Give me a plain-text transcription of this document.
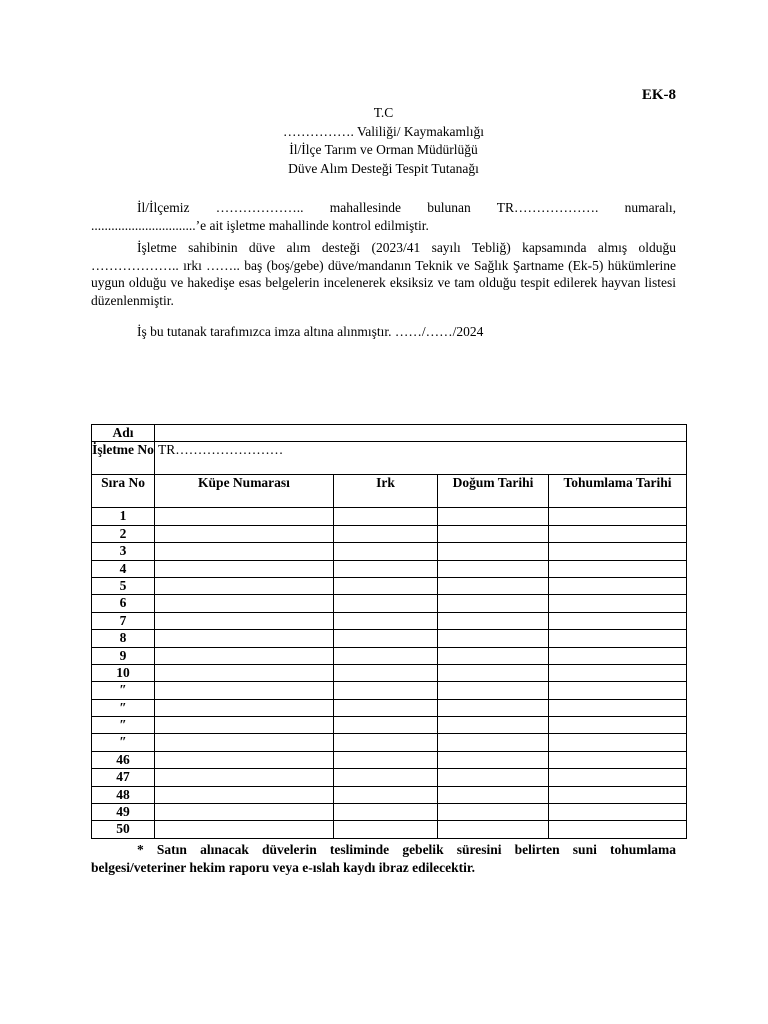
EK-8
T.C
……………. Valiliği/ Kaymakamlığı
İl/İlçe Tarım ve Orman Müdürlüğü
Düve Alım Desteği Tespit Tutanağı

İl/İlçemiz ……………….. mahallesinde bulunan TR………………. numaralı, ...............................’e ait işletme mahallinde kontrol edilmiştir.

İşletme sahibinin düve alım desteği (2023/41 sayılı Tebliğ) kapsamında almış olduğu ……………….. ırkı …….. baş (boş/gebe) düve/mandanın Teknik ve Sağlık Şartname (Ek-5) hükümlerine uygun olduğu ve hakedişe esas belgelerin incelenerek eksiksiz ve tam olduğu tespit edilerek hayvan listesi düzenlenmiştir.

İş bu tutanak tarafımızca imza altına alınmıştır. ……/……/2024

Adı				
İşletme No	TR……………………			
Sıra No	Küpe Numarası	Irk	Doğum Tarihi	Tohumlama Tarihi
1				
2				
3				
4				
5				
6				
7				
8				
9				
10				
″				
″				
″				
″				
46				
47				
48				
49				
50				

* Satın alınacak düvelerin tesliminde gebelik süresini belirten suni tohumlama belgesi/veteriner hekim raporu veya e-ıslah kaydı ibraz edilecektir.
